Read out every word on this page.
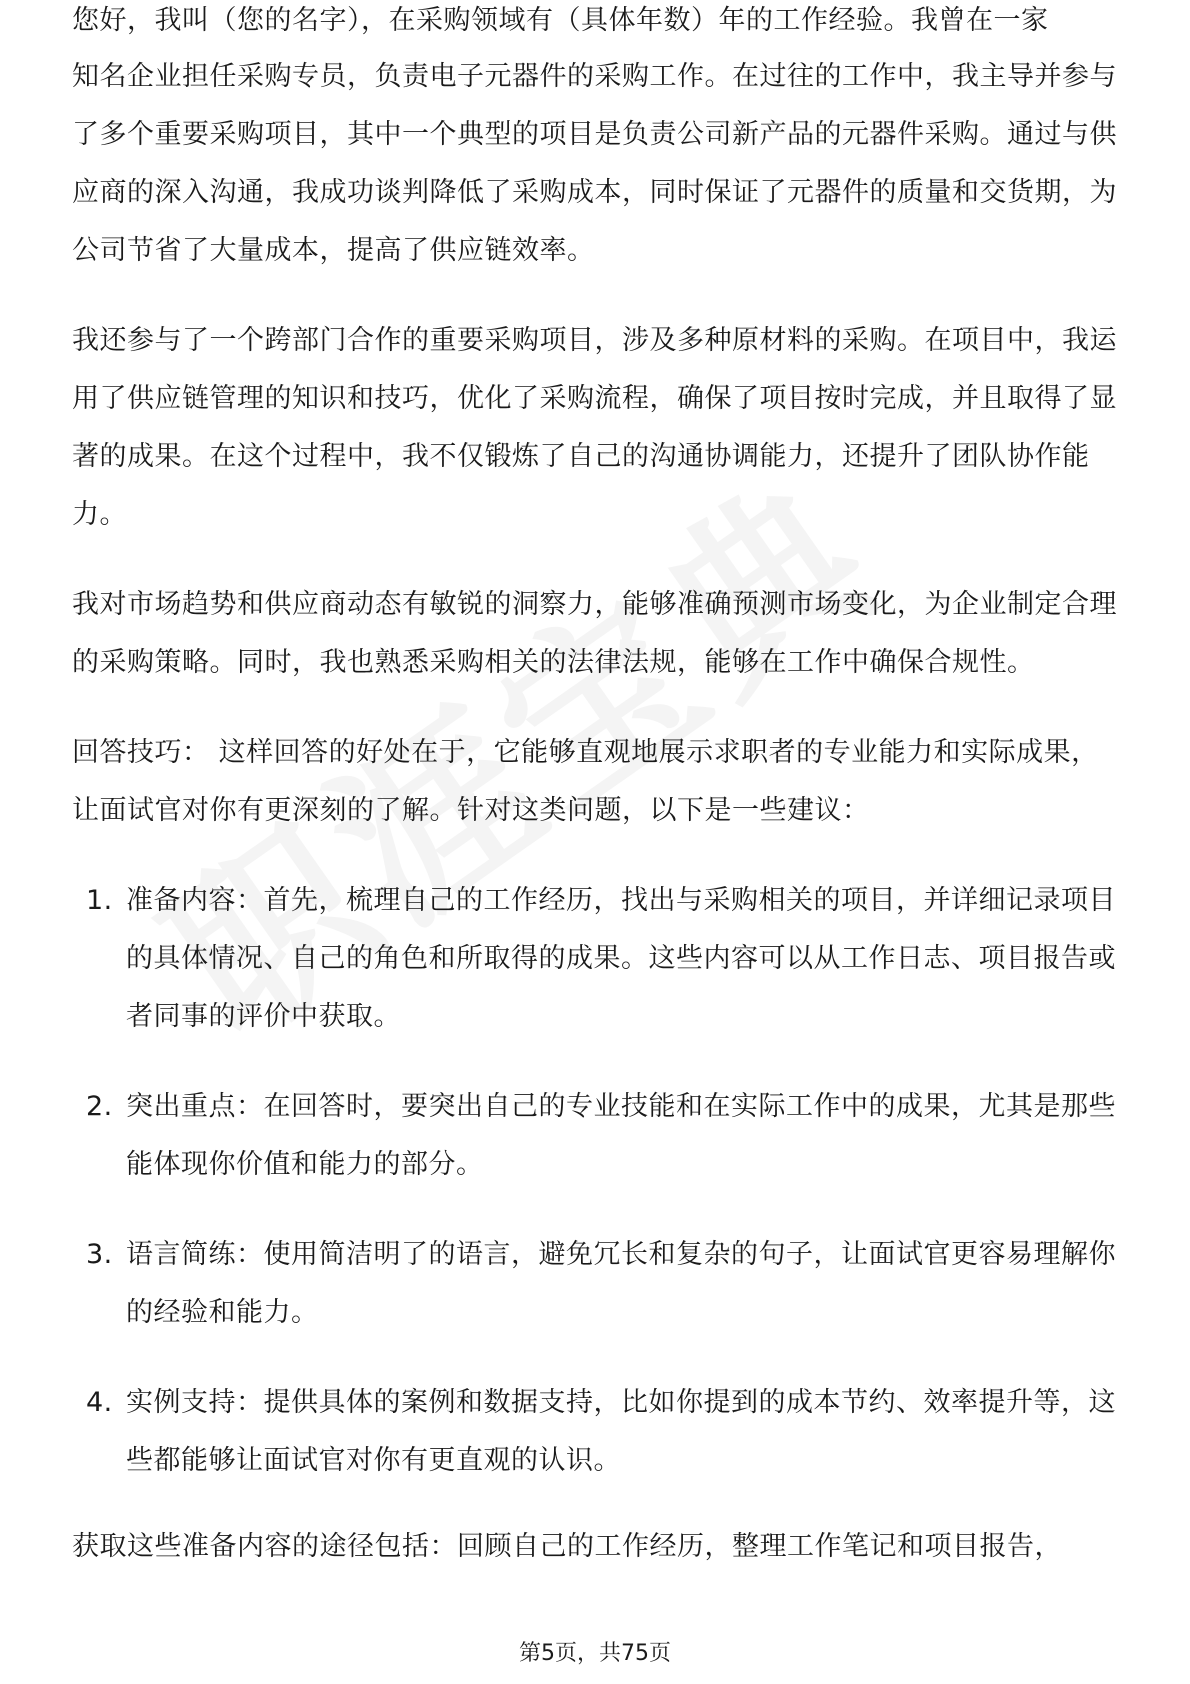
您好，我叫（您的名字），在采购领域有（具体年数）年的工作经验。我曾在一家

知名企业担任采购专员，负责电子元器件的采购工作。在过往的工作中，我主导并参与了多个重要采购项目，其中一个典型的项目是负责公司新产品的元器件采购。通过与供应商的深入沟通，我成功谈判降低了采购成本，同时保证了元器件的质量和交货期，为公司节省了大量成本，提高了供应链效率。

我还参与了一个跨部门合作的重要采购项目，涉及多种原材料的采购。在项目中，我运用了供应链管理的知识和技巧，优化了采购流程，确保了项目按时完成，并且取得了显著的成果。在这个过程中，我不仅锻炼了自己的沟通协调能力，还提升了团队协作能力。

我对市场趋势和供应商动态有敏锐的洞察力，能够准确预测市场变化，为企业制定合理的采购策略。同时，我也熟悉采购相关的法律法规，能够在工作中确保合规性。

回答技巧： 这样回答的好处在于，它能够直观地展示求职者的专业能力和实际成果，让面试官对你有更深刻的了解。针对这类问题，以下是一些建议：

1. 准备内容：首先，梳理自己的工作经历，找出与采购相关的项目，并详细记录项目的具体情况、自己的角色和所取得的成果。这些内容可以从工作日志、项目报告或者同事的评价中获取。
2. 突出重点：在回答时，要突出自己的专业技能和在实际工作中的成果，尤其是那些能体现你价值和能力的部分。
3. 语言简练：使用简洁明了的语言，避免冗长和复杂的句子，让面试官更容易理解你的经验和能力。
4. 实例支持：提供具体的案例和数据支持，比如你提到的成本节约、效率提升等，这些都能够让面试官对你有更直观的认识。

获取这些准备内容的途径包括：回顾自己的工作经历，整理工作笔记和项目报告，

第5页，共75页
